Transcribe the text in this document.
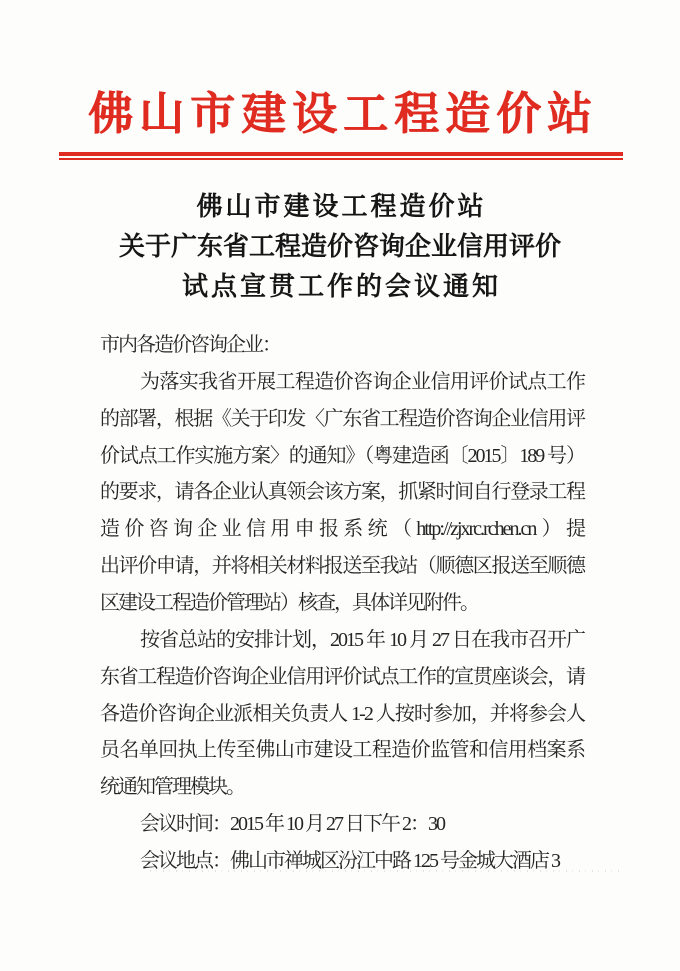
佛山市建设工程造价站
佛山市建设工程造价站
关于广东省工程造价咨询企业信用评价
试点宣贯工作的会议通知
市内各造价咨询企业：
为落实我省开展工程造价咨询企业信用评价试点工作
的部署，根据《关于印发〈广东省工程造价咨询企业信用评
价试点工作实施方案〉的通知》（粤建造函〔2015〕189 号）
的要求，请各企业认真领会该方案，抓紧时间自行登录工程
造价咨询企业信用申报系统（http://zjxrc.rchen.cn）提
出评价申请，并将相关材料报送至我站（顺德区报送至顺德
区建设工程造价管理站）核查，具体详见附件。
按省总站的安排计划，2015 年 10 月 27 日在我市召开广
东省工程造价咨询企业信用评价试点工作的宣贯座谈会，请
各造价咨询企业派相关负责人 1-2 人按时参加，并将参会人
员名单回执上传至佛山市建设工程造价监管和信用档案系
统通知管理模块。
会议时间：2015 年 10 月 27 日下午 2：30
会议地点：佛山市禅城区汾江中路 125 号金城大酒店 3
